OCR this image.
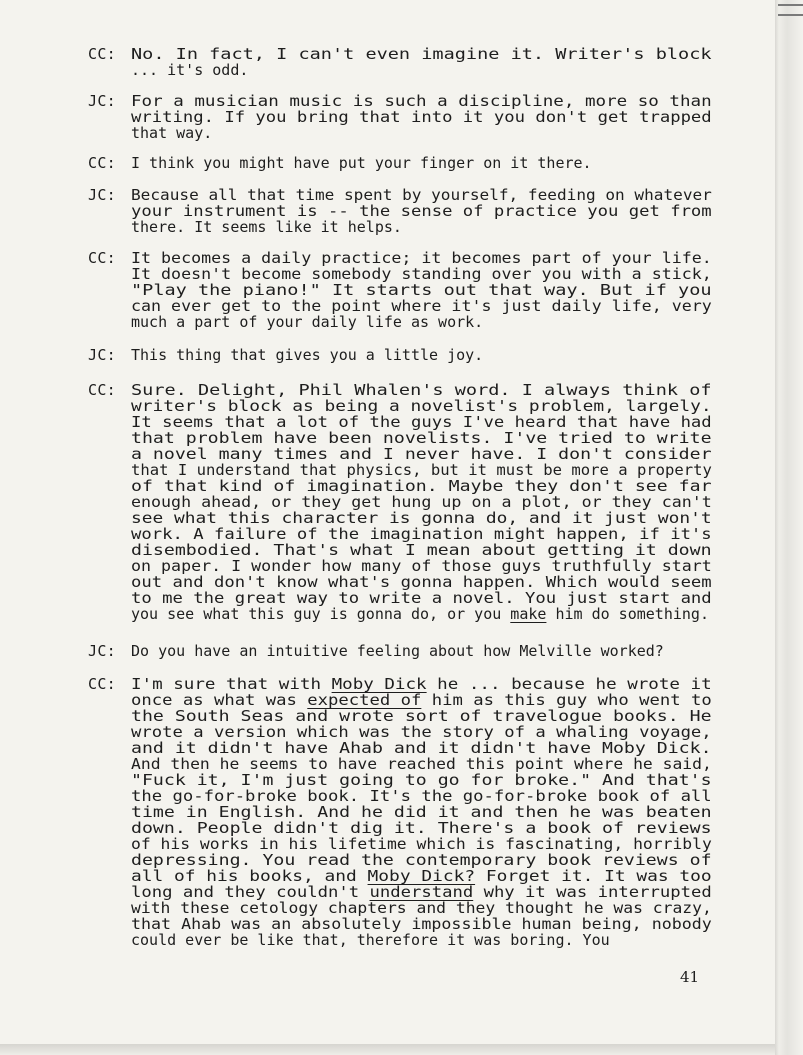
CC: No. In fact, I can't even imagine it. Writer's block
... it's odd.
JC: For a musician music is such a discipline, more so than
writing. If you bring that into it you don't get trapped
that way.
CC: I think you might have put your finger on it there.
JC: Because all that time spent by yourself, feeding on whatever
your instrument is -- the sense of practice you get from
there. It seems like it helps.
CC: It becomes a daily practice; it becomes part of your life.
It doesn't become somebody standing over you with a stick,
"Play the piano!" It starts out that way. But if you
can ever get to the point where it's just daily life, very
much a part of your daily life as work.
JC: This thing that gives you a little joy.
CC: Sure. Delight, Phil Whalen's word. I always think of
writer's block as being a novelist's problem, largely.
It seems that a lot of the guys I've heard that have had
that problem have been novelists. I've tried to write
a novel many times and I never have. I don't consider
that I understand that physics, but it must be more a property
of that kind of imagination. Maybe they don't see far
enough ahead, or they get hung up on a plot, or they can't
see what this character is gonna do, and it just won't
work. A failure of the imagination might happen, if it's
disembodied. That's what I mean about getting it down
on paper. I wonder how many of those guys truthfully start
out and don't know what's gonna happen. Which would seem
to me the great way to write a novel. You just start and
you see what this guy is gonna do, or you make him do something.
JC: Do you have an intuitive feeling about how Melville worked?
CC: I'm sure that with Moby Dick he ... because he wrote it
once as what was expected of him as this guy who went to
the South Seas and wrote sort of travelogue books. He
wrote a version which was the story of a whaling voyage,
and it didn't have Ahab and it didn't have Moby Dick.
And then he seems to have reached this point where he said,
"Fuck it, I'm just going to go for broke." And that's
the go-for-broke book. It's the go-for-broke book of all
time in English. And he did it and then he was beaten
down. People didn't dig it. There's a book of reviews
of his works in his lifetime which is fascinating, horribly
depressing. You read the contemporary book reviews of
all of his books, and Moby Dick? Forget it. It was too
long and they couldn't understand why it was interrupted
with these cetology chapters and they thought he was crazy,
that Ahab was an absolutely impossible human being, nobody
could ever be like that, therefore it was boring. You
41
